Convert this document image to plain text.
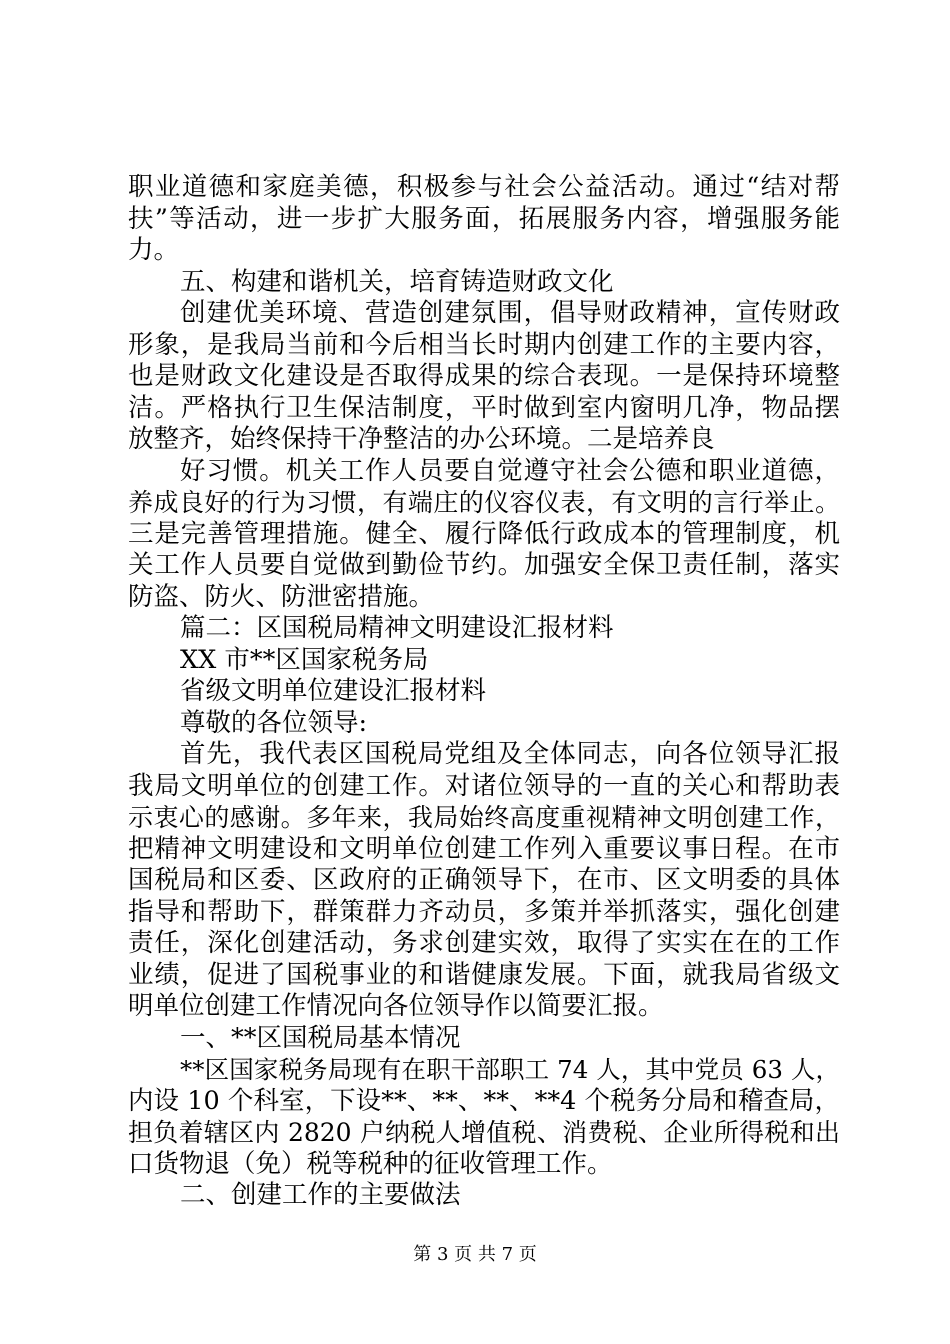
职业道德和家庭美德，积极参与社会公益活动。通过“结对帮
扶”等活动，进一步扩大服务面，拓展服务内容，增强服务能
力。
五、构建和谐机关，培育铸造财政文化
创建优美环境、营造创建氛围，倡导财政精神，宣传财政
形象，是我局当前和今后相当长时期内创建工作的主要内容，
也是财政文化建设是否取得成果的综合表现。一是保持环境整
洁。严格执行卫生保洁制度，平时做到室内窗明几净，物品摆
放整齐，始终保持干净整洁的办公环境。二是培养良
好习惯。机关工作人员要自觉遵守社会公德和职业道德，
养成良好的行为习惯，有端庄的仪容仪表，有文明的言行举止。
三是完善管理措施。健全、履行降低行政成本的管理制度，机
关工作人员要自觉做到勤俭节约。加强安全保卫责任制，落实
防盗、防火、防泄密措施。
篇二：区国税局精神文明建设汇报材料
XX 市**区国家税务局
省级文明单位建设汇报材料
尊敬的各位领导:
首先，我代表区国税局党组及全体同志，向各位领导汇报
我局文明单位的创建工作。对诸位领导的一直的关心和帮助表
示衷心的感谢。多年来，我局始终高度重视精神文明创建工作，
把精神文明建设和文明单位创建工作列入重要议事日程。在市
国税局和区委、区政府的正确领导下，在市、区文明委的具体
指导和帮助下，群策群力齐动员，多策并举抓落实，强化创建
责任，深化创建活动，务求创建实效，取得了实实在在的工作
业绩，促进了国税事业的和谐健康发展。下面，就我局省级文
明单位创建工作情况向各位领导作以简要汇报。
一、**区国税局基本情况
**区国家税务局现有在职干部职工 74 人，其中党员 63 人，
内设 10 个科室，下设**、**、**、**4 个税务分局和稽查局，
担负着辖区内 2820 户纳税人增值税、消费税、企业所得税和出
口货物退（免）税等税种的征收管理工作。
二、创建工作的主要做法
第 3 页 共 7 页
